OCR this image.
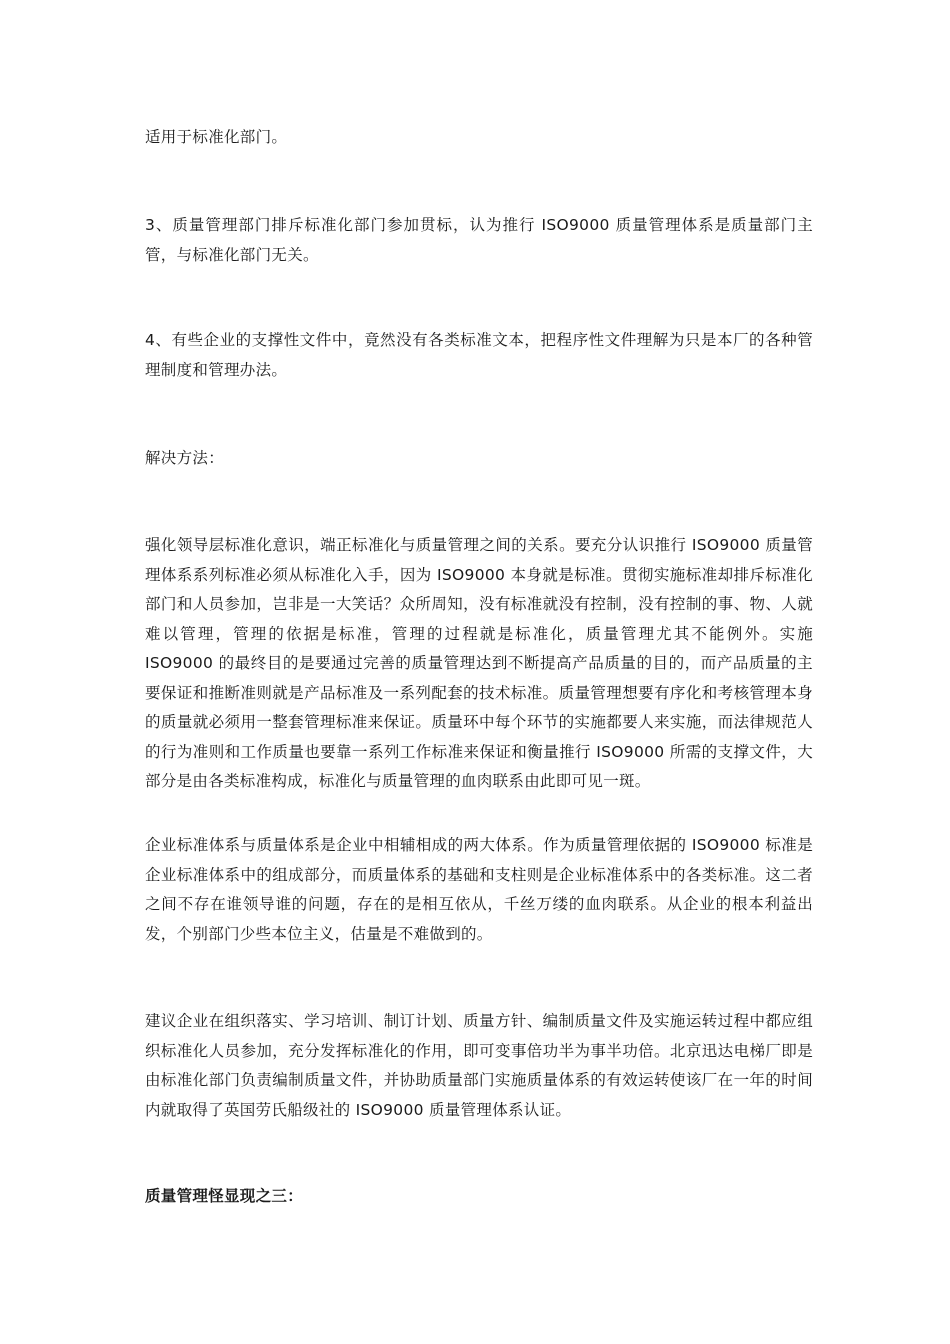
适用于标准化部门。

3、质量管理部门排斥标准化部门参加贯标，认为推行 ISO9000 质量管理体系是质量部门主管，与标准化部门无关。

4、有些企业的支撑性文件中，竟然没有各类标准文本，把程序性文件理解为只是本厂的各种管理制度和管理办法。

解决方法：

强化领导层标准化意识，端正标准化与质量管理之间的关系。要充分认识推行 ISO9000 质量管理体系系列标准必须从标准化入手，因为 ISO9000 本身就是标准。贯彻实施标准却排斥标准化部门和人员参加，岂非是一大笑话？众所周知，没有标准就没有控制，没有控制的事、物、人就难以管理，管理的依据是标准，管理的过程就是标准化，质量管理尤其不能例外。实施 ISO9000 的最终目的是要通过完善的质量管理达到不断提高产品质量的目的，而产品质量的主要保证和推断准则就是产品标准及一系列配套的技术标准。质量管理想要有序化和考核管理本身的质量就必须用一整套管理标准来保证。质量环中每个环节的实施都要人来实施，而法律规范人的行为准则和工作质量也要靠一系列工作标准来保证和衡量推行 ISO9000 所需的支撑文件，大部分是由各类标准构成，标准化与质量管理的血肉联系由此即可见一斑。

企业标准体系与质量体系是企业中相辅相成的两大体系。作为质量管理依据的 ISO9000 标准是企业标准体系中的组成部分，而质量体系的基础和支柱则是企业标准体系中的各类标准。这二者之间不存在谁领导谁的问题，存在的是相互依从，千丝万缕的血肉联系。从企业的根本利益出发，个别部门少些本位主义，估量是不难做到的。

建议企业在组织落实、学习培训、制订计划、质量方针、编制质量文件及实施运转过程中都应组织标准化人员参加，充分发挥标准化的作用，即可变事倍功半为事半功倍。北京迅达电梯厂即是由标准化部门负责编制质量文件，并协助质量部门实施质量体系的有效运转使该厂在一年的时间内就取得了英国劳氏船级社的 ISO9000 质量管理体系认证。

质量管理怪显现之三：
